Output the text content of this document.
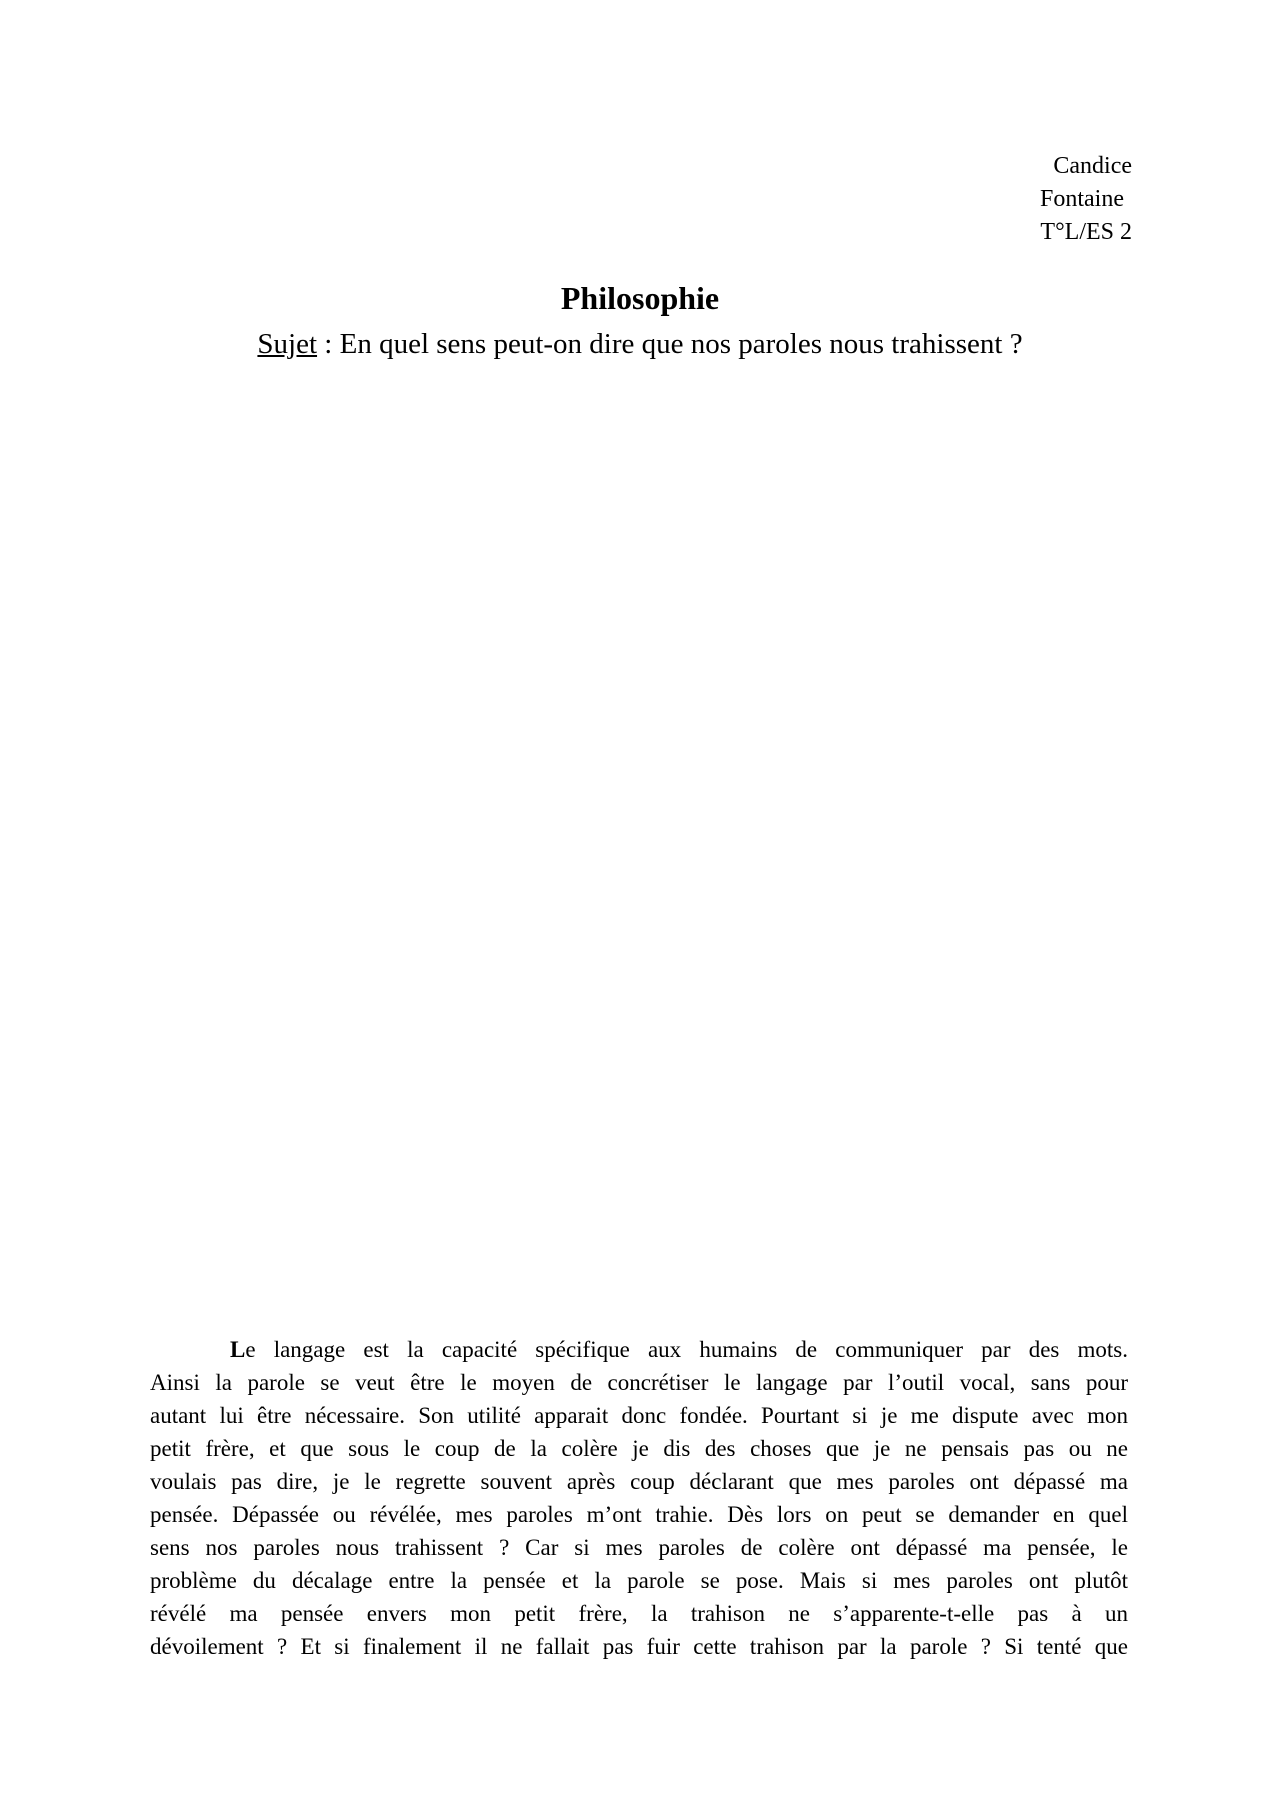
Candice
Fontaine
T°L/ES 2
Philosophie
Sujet : En quel sens peut-on dire que nos paroles nous trahissent ?
Le langage est la capacité spécifique aux humains de communiquer par des mots.
Ainsi la parole se veut être le moyen de concrétiser le langage par l’outil vocal, sans pour
autant lui être nécessaire. Son utilité apparait donc fondée. Pourtant si je me dispute avec mon
petit frère, et que sous le coup de la colère je dis des choses que je ne pensais pas ou ne
voulais pas dire, je le regrette souvent après coup déclarant que mes paroles ont dépassé ma
pensée. Dépassée ou révélée, mes paroles m’ont trahie. Dès lors on peut se demander en quel
sens nos paroles nous trahissent ? Car si mes paroles de colère ont dépassé ma pensée, le
problème du décalage entre la pensée et la parole se pose. Mais si mes paroles ont plutôt
révélé ma pensée envers mon petit frère, la trahison ne s’apparente-t-elle pas à un
dévoilement ? Et si finalement il ne fallait pas fuir cette trahison par la parole ? Si tenté que
